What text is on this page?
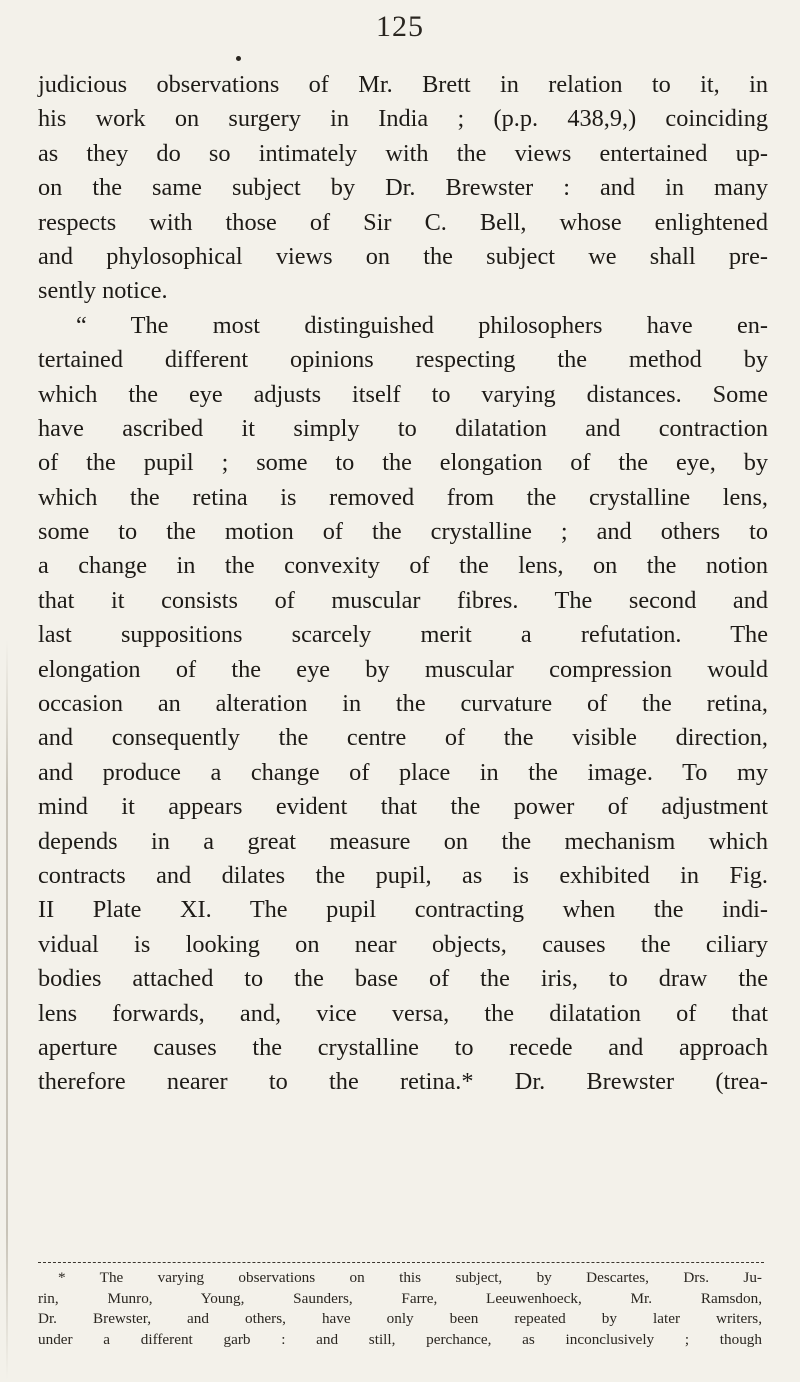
125
judicious observations of Mr. Brett in relation to it, in
his work on surgery in India ; (p.p. 438,9,) coinciding
as they do so intimately with the views entertained up-
on the same subject by Dr. Brewster : and in many
respects with those of Sir C. Bell, whose enlightened
and phylosophical views on the subject we shall pre-
sently notice.
“ The most distinguished philosophers have en-
tertained different opinions respecting the method by
which the eye adjusts itself to varying distances. Some
have ascribed it simply to dilatation and contraction
of the pupil ; some to the elongation of the eye, by
which the retina is removed from the crystalline lens,
some to the motion of the crystalline ; and others to
a change in the convexity of the lens, on the notion
that it consists of muscular fibres. The second and
last suppositions scarcely merit a refutation. The
elongation of the eye by muscular compression would
occasion an alteration in the curvature of the retina,
and consequently the centre of the visible direction,
and produce a change of place in the image. To my
mind it appears evident that the power of adjustment
depends in a great measure on the mechanism which
contracts and dilates the pupil, as is exhibited in Fig.
II Plate XI. The pupil contracting when the indi-
vidual is looking on near objects, causes the ciliary
bodies attached to the base of the iris, to draw the
lens forwards, and, vice versa, the dilatation of that
aperture causes the crystalline to recede and approach
therefore nearer to the retina.* Dr. Brewster (trea-
* The varying observations on this subject, by Descartes, Drs. Ju-
rin, Munro, Young, Saunders, Farre, Leeuwenhoeck, Mr. Ramsdon,
Dr. Brewster, and others, have only been repeated by later writers,
under a different garb : and still, perchance, as inconclusively ; though
